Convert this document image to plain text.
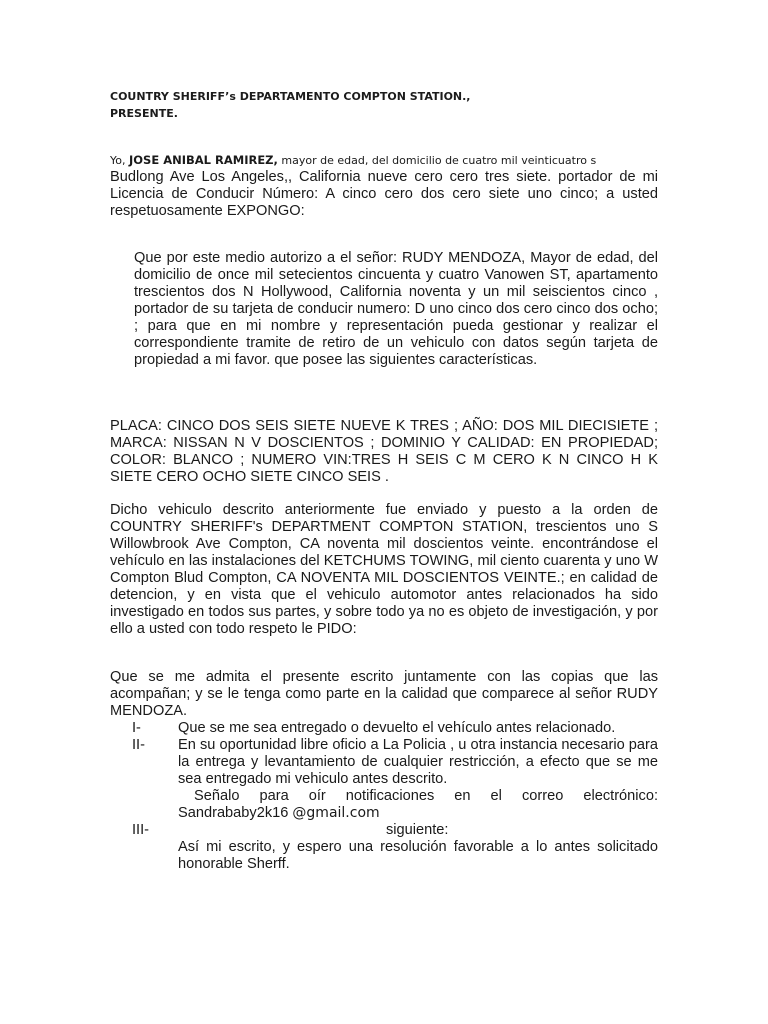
COUNTRY SHERIFF’s DEPARTAMENTO COMPTON STATION.,
PRESENTE.

Yo, JOSE ANIBAL RAMIREZ, mayor de edad, del domicilio de cuatro mil veinticuatro s
Budlong Ave Los Angeles,, California nueve cero cero tres siete. portador de mi Licencia de Conducir Número: A cinco cero dos cero siete uno cinco; a usted respetuosamente EXPONGO:

Que por este medio autorizo a el señor: RUDY MENDOZA, Mayor de edad, del domicilio de once mil setecientos cincuenta y cuatro Vanowen ST, apartamento trescientos dos N Hollywood, California noventa y un mil seiscientos cinco , portador de su tarjeta de conducir numero: D uno cinco dos cero cinco dos ocho; ; para que en mi nombre y representación pueda gestionar y realizar el correspondiente tramite de retiro de un vehiculo con datos según tarjeta de propiedad a mi favor. que posee las siguientes características.

PLACA: CINCO DOS SEIS SIETE NUEVE K TRES ; AÑO: DOS MIL DIECISIETE ; MARCA: NISSAN N V DOSCIENTOS ; DOMINIO Y CALIDAD: EN PROPIEDAD; COLOR: BLANCO ; NUMERO VIN:TRES H SEIS C M CERO K N CINCO H K SIETE CERO OCHO SIETE CINCO SEIS .

Dicho vehiculo descrito anteriormente fue enviado y puesto a la orden de COUNTRY SHERIFF's DEPARTMENT COMPTON STATION, trescientos uno S Willowbrook Ave Compton, CA noventa mil doscientos veinte. encontrándose el vehículo en las instalaciones del KETCHUMS TOWING, mil ciento cuarenta y uno W Compton Blud Compton, CA NOVENTA MIL DOSCIENTOS VEINTE.; en calidad de detencion, y en vista que el vehiculo automotor antes relacionados ha sido investigado en todos sus partes, y sobre todo ya no es objeto de investigación, y por ello a usted con todo respeto le PIDO:

Que se me admita el presente escrito juntamente con las copias que las acompañan; y se le tenga como parte en la calidad que comparece al señor RUDY MENDOZA.

I-	Que se me sea entregado o devuelto el vehículo antes relacionado.
II- En su oportunidad libre oficio a La Policia , u otra instancia necesario para la entrega y levantamiento de cualquier restricción, a efecto que se me sea entregado mi vehiculo antes descrito.
Señalo para oír notificaciones en el correo electrónico: Sandrababy2k16 @gmail.com
III-	siguiente:
Así mi escrito, y espero una resolución favorable a lo antes solicitado honorable Sherff.
